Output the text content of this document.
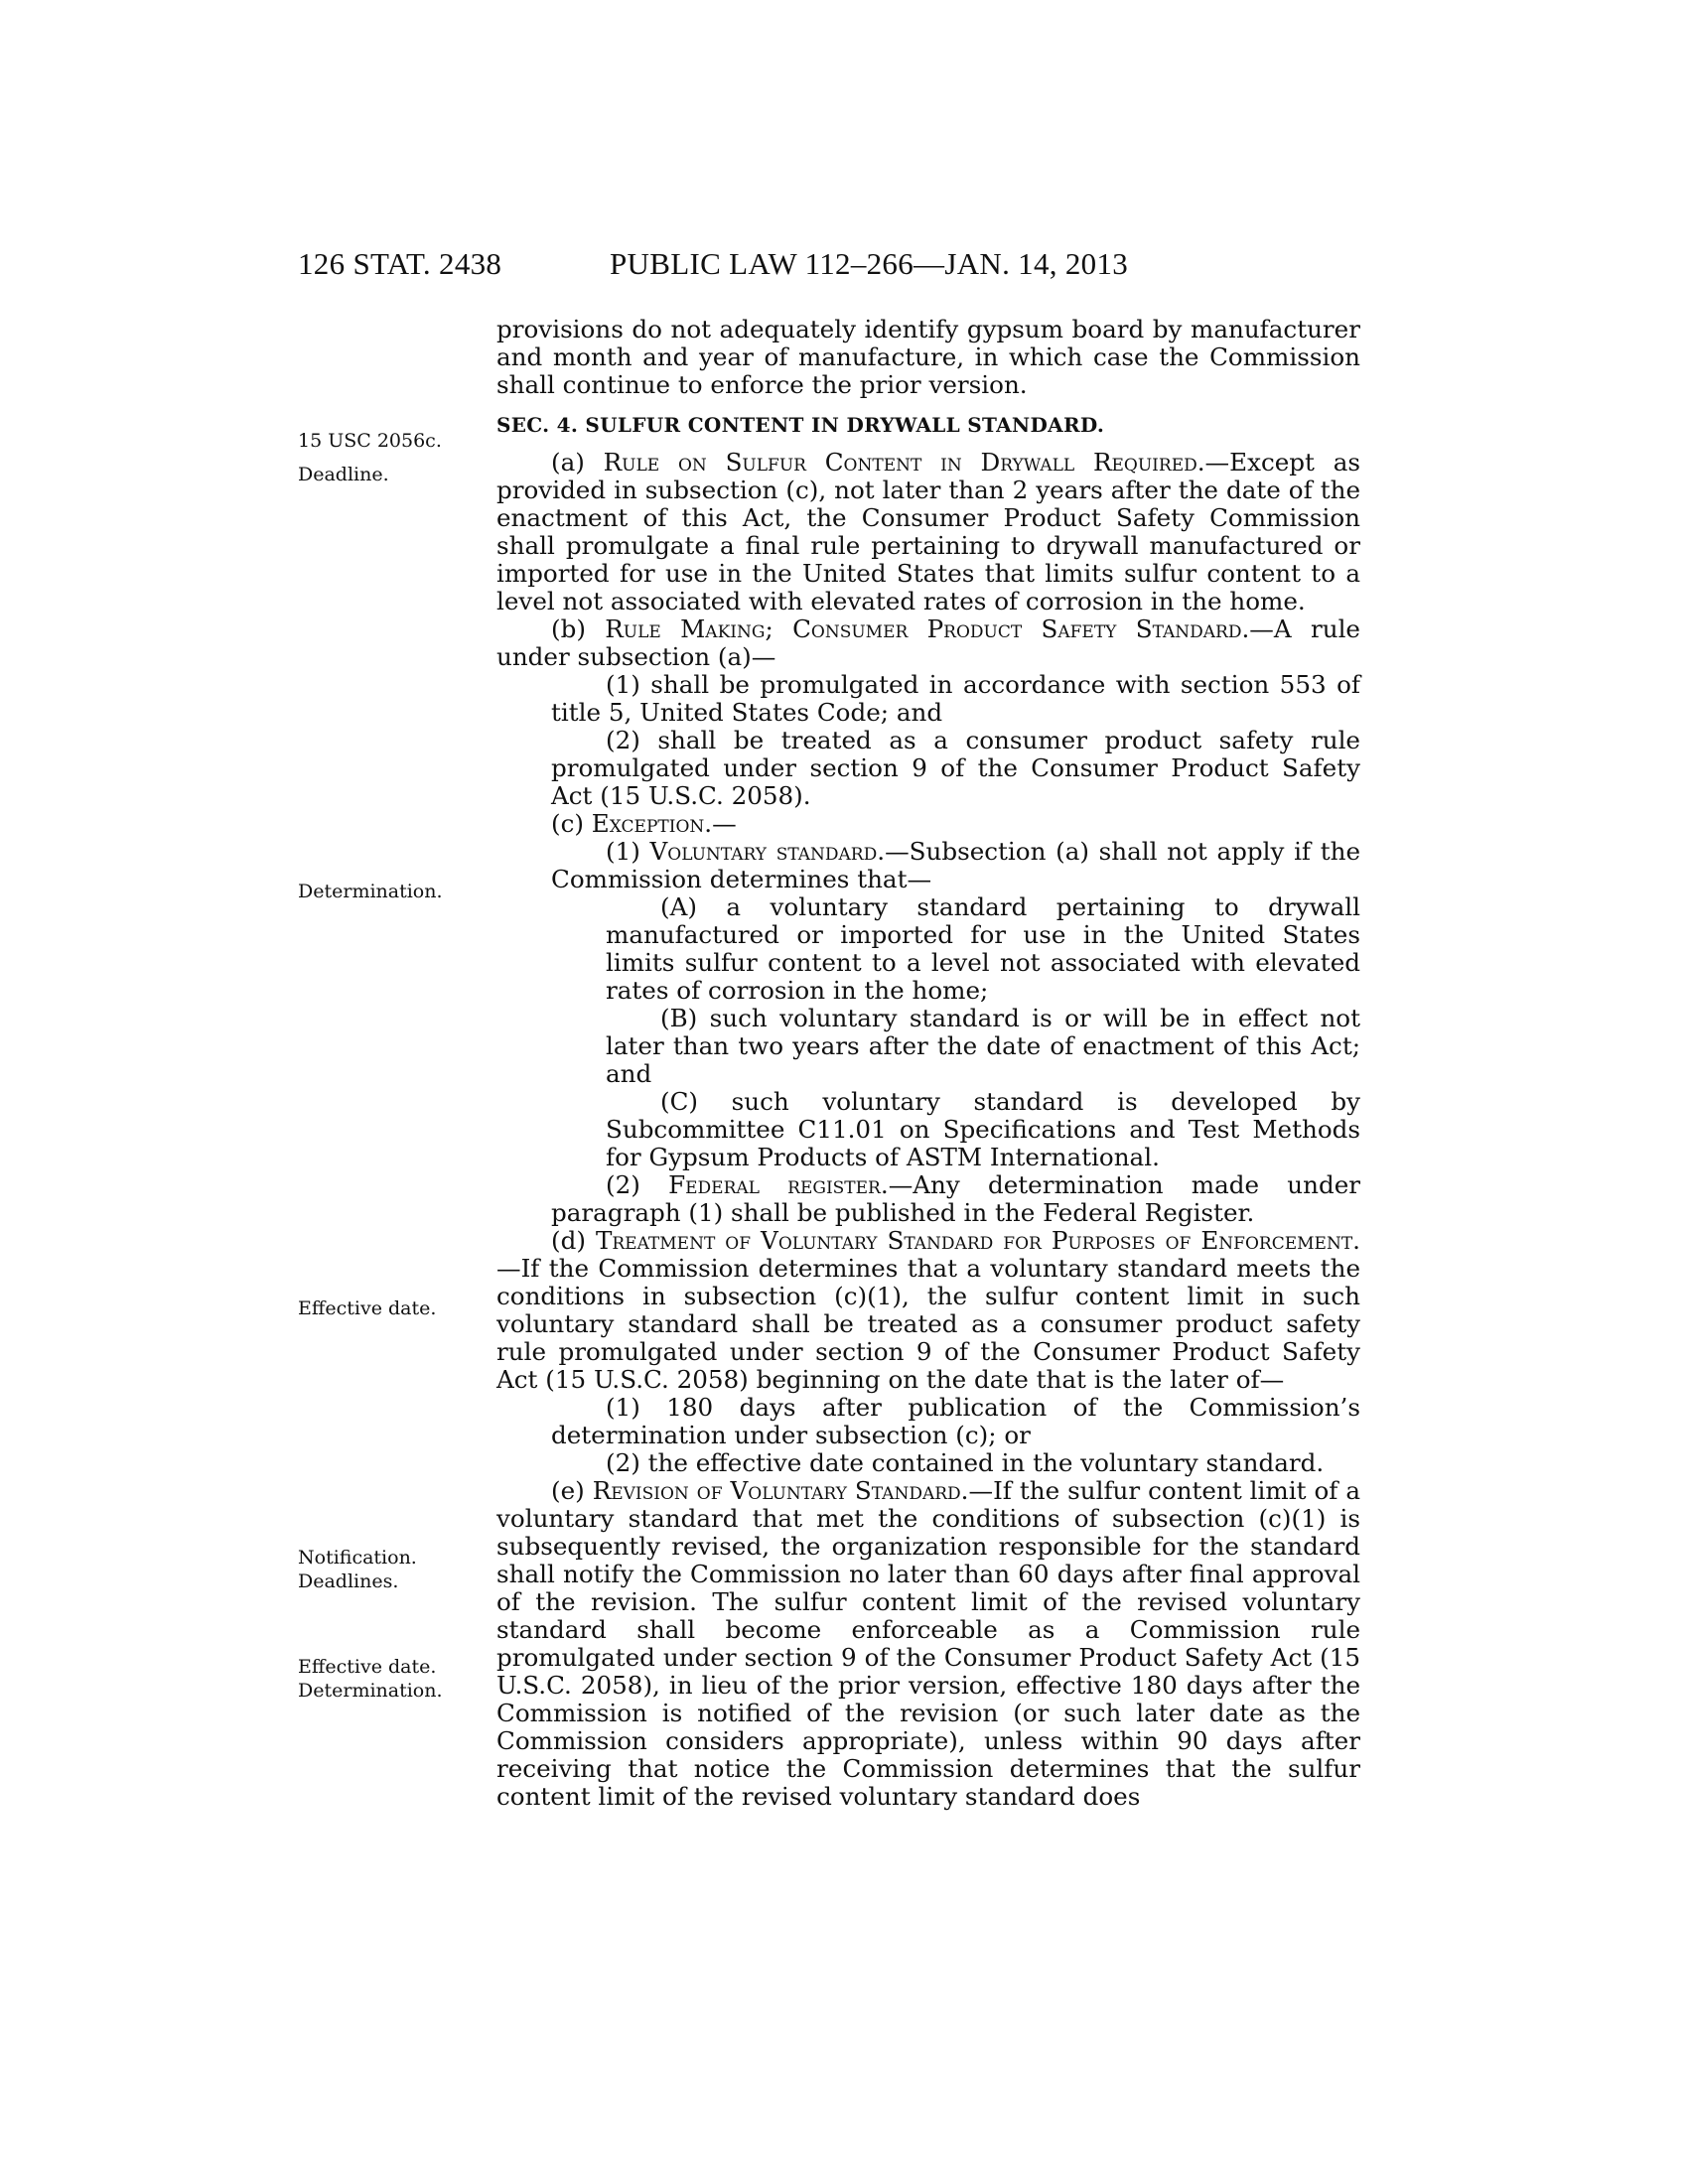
126 STAT. 2438	PUBLIC LAW 112–266—JAN. 14, 2013
15 USC 2056c.
Deadline.
Determination.
Effective date.
Notification.
Deadlines.
Effective date.
Determination.

provisions do not adequately identify gypsum board by manufacturer and month and year of manufacture, in which case the Commission shall continue to enforce the prior version.

SEC. 4. SULFUR CONTENT IN DRYWALL STANDARD.

(a) Rule on Sulfur Content in Drywall Required.—Except as provided in subsection (c), not later than 2 years after the date of the enactment of this Act, the Consumer Product Safety Commission shall promulgate a final rule pertaining to drywall manufactured or imported for use in the United States that limits sulfur content to a level not associated with elevated rates of corrosion in the home.

(b) Rule Making; Consumer Product Safety Standard.—A rule under subsection (a)—

(1) shall be promulgated in accordance with section 553 of title 5, United States Code; and

(2) shall be treated as a consumer product safety rule promulgated under section 9 of the Consumer Product Safety Act (15 U.S.C. 2058).

(c) Exception.—

(1) Voluntary standard.—Subsection (a) shall not apply if the Commission determines that—

(A) a voluntary standard pertaining to drywall manufactured or imported for use in the United States limits sulfur content to a level not associated with elevated rates of corrosion in the home;

(B) such voluntary standard is or will be in effect not later than two years after the date of enactment of this Act; and

(C) such voluntary standard is developed by Subcommittee C11.01 on Specifications and Test Methods for Gypsum Products of ASTM International.

(2) Federal register.—Any determination made under paragraph (1) shall be published in the Federal Register.

(d) Treatment of Voluntary Standard for Purposes of Enforcement.—If the Commission determines that a voluntary standard meets the conditions in subsection (c)(1), the sulfur content limit in such voluntary standard shall be treated as a consumer product safety rule promulgated under section 9 of the Consumer Product Safety Act (15 U.S.C. 2058) beginning on the date that is the later of—

(1) 180 days after publication of the Commission’s determination under subsection (c); or

(2) the effective date contained in the voluntary standard.

(e) Revision of Voluntary Standard.—If the sulfur content limit of a voluntary standard that met the conditions of subsection (c)(1) is subsequently revised, the organization responsible for the standard shall notify the Commission no later than 60 days after final approval of the revision. The sulfur content limit of the revised voluntary standard shall become enforceable as a Commission rule promulgated under section 9 of the Consumer Product Safety Act (15 U.S.C. 2058), in lieu of the prior version, effective 180 days after the Commission is notified of the revision (or such later date as the Commission considers appropriate), unless within 90 days after receiving that notice the Commission determines that the sulfur content limit of the revised voluntary standard does
